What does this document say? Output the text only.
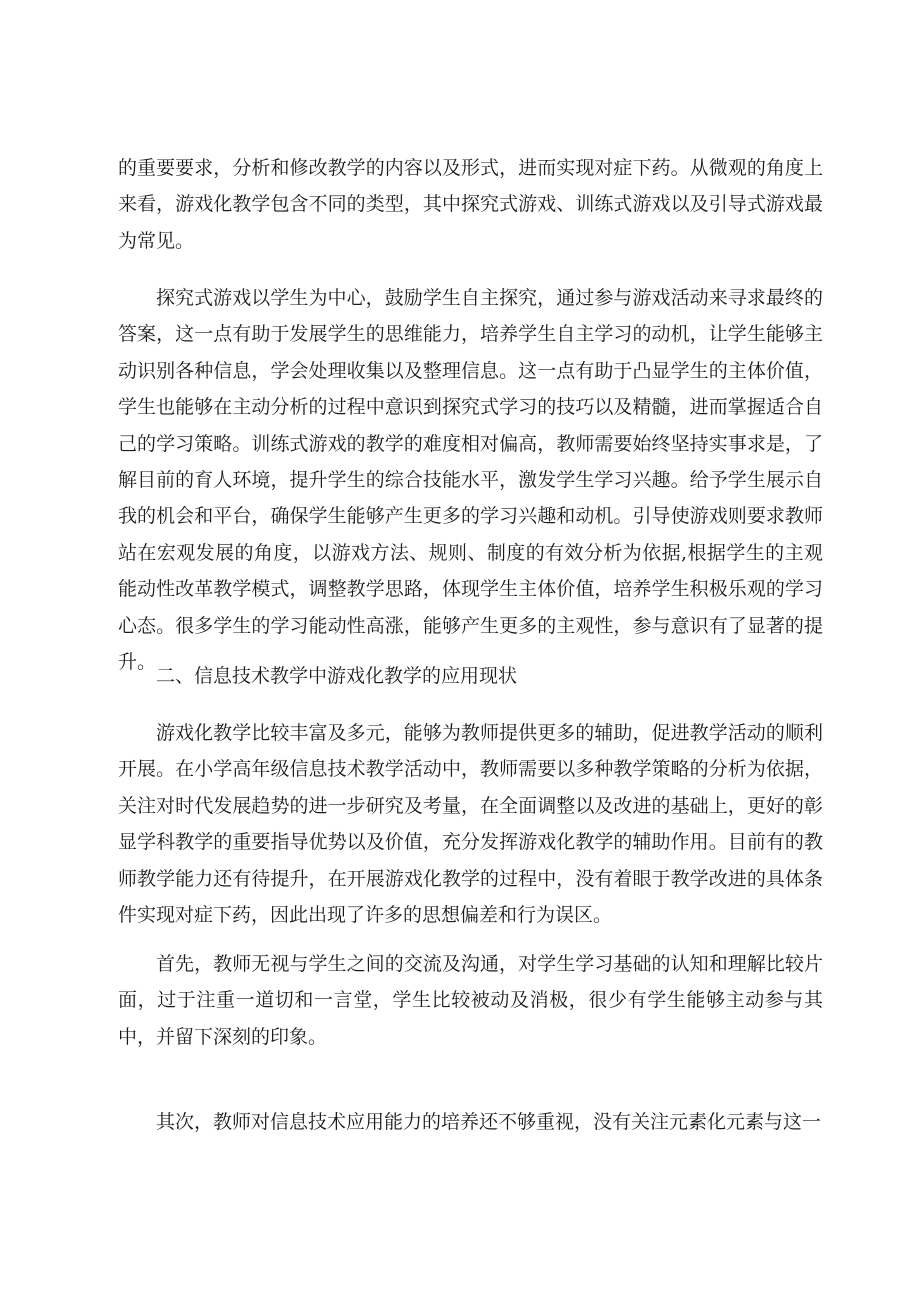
的重要要求，分析和修改教学的内容以及形式，进而实现对症下药。从微观的角度上来看，游戏化教学包含不同的类型，其中探究式游戏、训练式游戏以及引导式游戏最为常见。

探究式游戏以学生为中心，鼓励学生自主探究，通过参与游戏活动来寻求最终的答案，这一点有助于发展学生的思维能力，培养学生自主学习的动机，让学生能够主动识别各种信息，学会处理收集以及整理信息。这一点有助于凸显学生的主体价值，学生也能够在主动分析的过程中意识到探究式学习的技巧以及精髓，进而掌握适合自己的学习策略。训练式游戏的教学的难度相对偏高，教师需要始终坚持实事求是，了解目前的育人环境，提升学生的综合技能水平，激发学生学习兴趣。给予学生展示自我的机会和平台，确保学生能够产生更多的学习兴趣和动机。引导使游戏则要求教师站在宏观发展的角度，以游戏方法、规则、制度的有效分析为依据,根据学生的主观能动性改革教学模式，调整教学思路，体现学生主体价值，培养学生积极乐观的学习心态。很多学生的学习能动性高涨，能够产生更多的主观性，参与意识有了显著的提升。

二、信息技术教学中游戏化教学的应用现状

游戏化教学比较丰富及多元，能够为教师提供更多的辅助，促进教学活动的顺利开展。在小学高年级信息技术教学活动中，教师需要以多种教学策略的分析为依据，关注对时代发展趋势的进一步研究及考量，在全面调整以及改进的基础上，更好的彰显学科教学的重要指导优势以及价值，充分发挥游戏化教学的辅助作用。目前有的教师教学能力还有待提升，在开展游戏化教学的过程中，没有着眼于教学改进的具体条件实现对症下药，因此出现了许多的思想偏差和行为误区。

首先，教师无视与学生之间的交流及沟通，对学生学习基础的认知和理解比较片面，过于注重一道切和一言堂，学生比较被动及消极，很少有学生能够主动参与其中，并留下深刻的印象。

其次，教师对信息技术应用能力的培养还不够重视，没有关注元素化元素与这一
